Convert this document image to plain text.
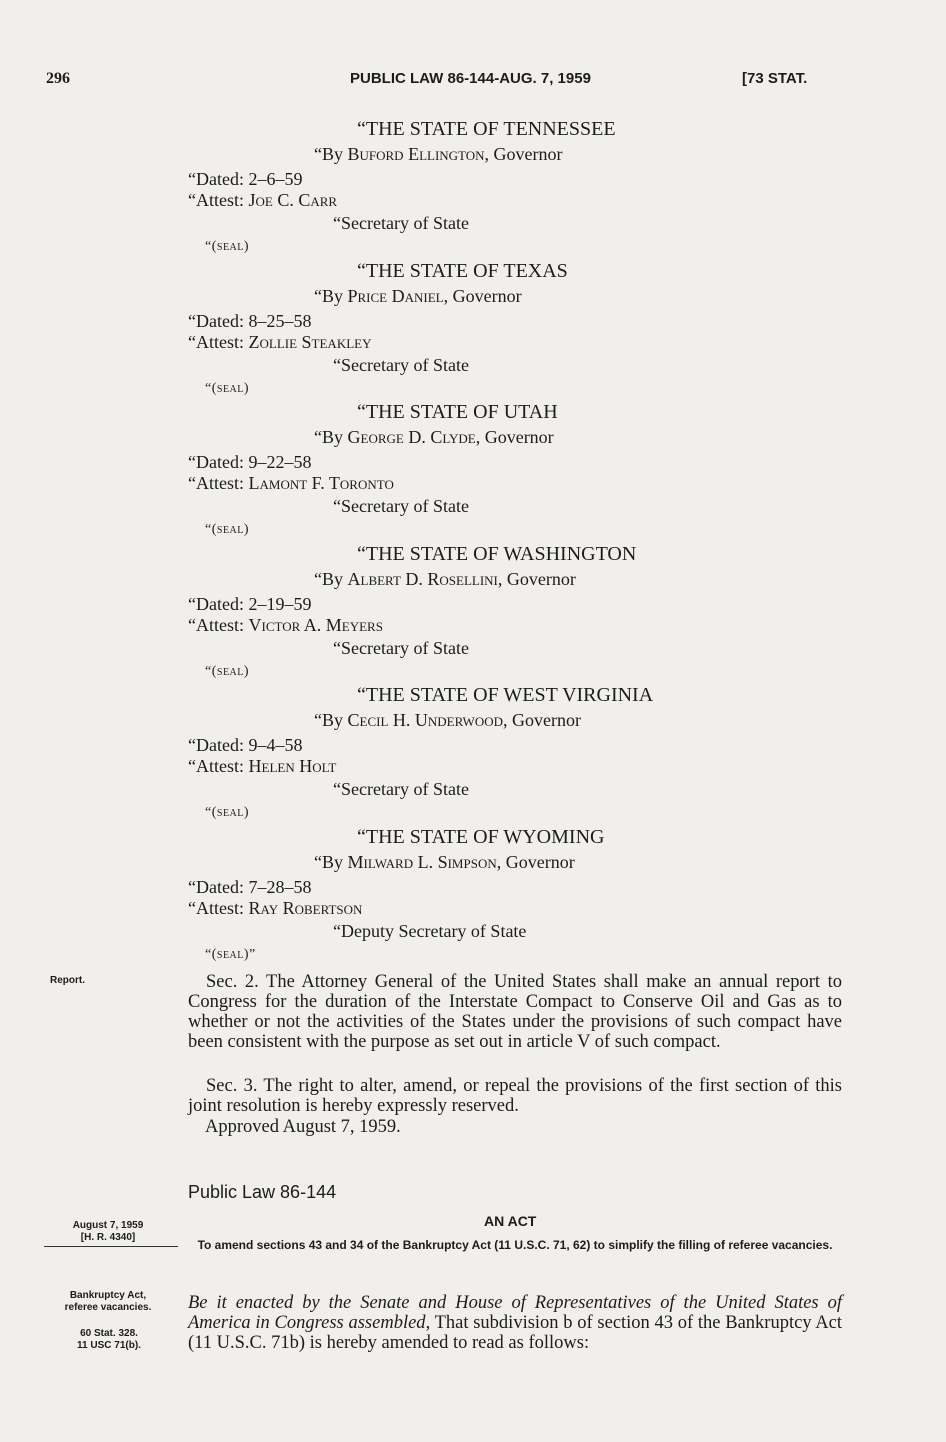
296	PUBLIC LAW 86-144-AUG. 7, 1959	[73 STAT.
“THE STATE OF TENNESSEE
“By Buford Ellington, Governor
“Dated: 2–6–59
“Attest: Joe C. Carr
“Secretary of State
“(seal)
“THE STATE OF TEXAS
“By Price Daniel, Governor
“Dated: 8–25–58
“Attest: Zollie Steakley
“Secretary of State
“(seal)
“THE STATE OF UTAH
“By George D. Clyde, Governor
“Dated: 9–22–58
“Attest: Lamont F. Toronto
“Secretary of State
“(seal)
“THE STATE OF WASHINGTON
“By Albert D. Rosellini, Governor
“Dated: 2–19–59
“Attest: Victor A. Meyers
“Secretary of State
“(seal)
“THE STATE OF WEST VIRGINIA
“By Cecil H. Underwood, Governor
“Dated: 9–4–58
“Attest: Helen Holt
“Secretary of State
“(seal)
“THE STATE OF WYOMING
“By Milward L. Simpson, Governor
“Dated: 7–28–58
“Attest: Ray Robertson
“Deputy Secretary of State
“(seal)”
Report.	Sec. 2. The Attorney General of the United States shall make an annual report to Congress for the duration of the Interstate Compact to Conserve Oil and Gas as to whether or not the activities of the States under the provisions of such compact have been consistent with the purpose as set out in article V of such compact.
Sec. 3. The right to alter, amend, or repeal the provisions of the first section of this joint resolution is hereby expressly reserved.
Approved August 7, 1959.
Public Law 86-144
August 7, 1959
[H. R. 4340]
AN ACT
To amend sections 43 and 34 of the Bankruptcy Act (11 U.S.C. 71, 62) to simplify the filling of referee vacancies.
Bankruptcy Act,
referee vacancies.
60 Stat. 328.
11 USC 71(b).
Be it enacted by the Senate and House of Representatives of the United States of America in Congress assembled, That subdivision b of section 43 of the Bankruptcy Act (11 U.S.C. 71b) is hereby amended to read as follows:
